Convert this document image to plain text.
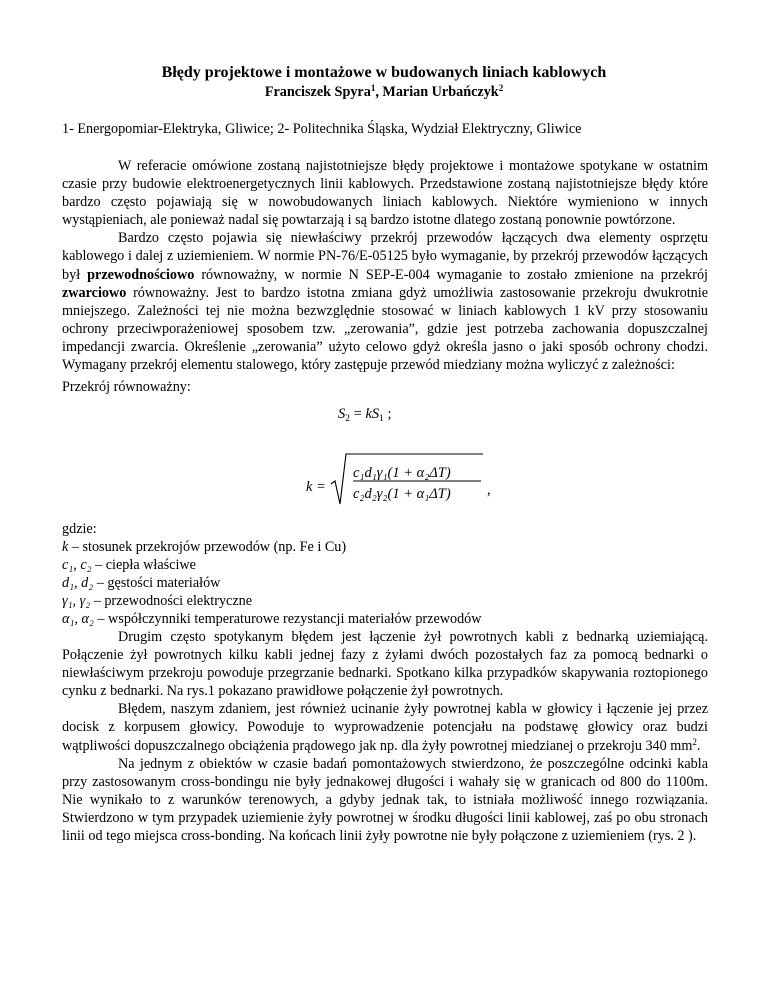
Błędy projektowe i montażowe w budowanych liniach kablowych
Franciszek Spyra$^1$, Marian Urbańczyk$^2$
1- Energopomiar-Elektryka, Gliwice; 2- Politechnika Śląska, Wydział Elektryczny, Gliwice

W referacie omówione zostaną najistotniejsze błędy projektowe i montażowe spotykane w ostatnim czasie przy budowie elektroenergetycznych linii kablowych. Przedstawione zostaną najistotniejsze błędy które bardzo często pojawiają się w nowobudowanych liniach kablowych. Niektóre wymieniono w innych wystąpieniach, ale ponieważ nadal się powtarzają i są bardzo istotne dlatego zostaną ponownie powtórzone.

Bardzo często pojawia się niewłaściwy przekrój przewodów łączących dwa elementy osprzętu kablowego i dalej z uziemieniem. W normie PN-76/E-05125 było wymaganie, by przekrój przewodów łączących był przewodnościowo równoważny, w normie N SEP-E-004 wymaganie to zostało zmienione na przekrój zwarciowo równoważny. Jest to bardzo istotna zmiana gdyż umożliwia zastosowanie przekroju dwukrotnie mniejszego. Zależności tej nie można bezwzględnie stosować w liniach kablowych 1 kV przy stosowaniu ochrony przeciwporażeniowej sposobem tzw. „zerowania”, gdzie jest potrzeba zachowania dopuszczalnej impedancji zwarcia. Określenie „zerowania” użyto celowo gdyż określa jasno o jaki sposób ochrony chodzi. Wymagany przekrój elementu stalowego, który zastępuje przewód miedziany można wyliczyć z zależności:

Przekrój równoważny:
$S_2 = kS_1$ ;
k =
c₁d₁γ₁(1 + α₂ΔT)
c₂d₂γ₂(1 + α₁ΔT)	,
gdzie:
k – stosunek przekrojów przewodów (np. Fe i Cu)
c₁, c₂ – ciepła właściwe
d₁, d₂ – gęstości materiałów
γ₁, γ₂ – przewodności elektryczne
α₁, α₂ – współczynniki temperaturowe rezystancji materiałów przewodów

Drugim często spotykanym błędem jest łączenie żył powrotnych kabli z bednarką uziemiającą. Połączenie żył powrotnych kilku kabli jednej fazy z żyłami dwóch pozostałych faz za pomocą bednarki o niewłaściwym przekroju powoduje przegrzanie bednarki. Spotkano kilka przypadków skapywania roztopionego cynku z bednarki. Na rys.1 pokazano prawidłowe połączenie żył powrotnych.

Błędem, naszym zdaniem, jest również ucinanie żyły powrotnej kabla w głowicy i łączenie jej przez docisk z korpusem głowicy. Powoduje to wyprowadzenie potencjału na podstawę głowicy oraz budzi wątpliwości dopuszczalnego obciążenia prądowego jak np. dla żyły powrotnej miedzianej o przekroju 340 $mm^2$.

Na jednym z obiektów w czasie badań pomontażowych stwierdzono, że poszczególne odcinki kabla przy zastosowanym cross-bondingu nie były jednakowej długości i wahały się w granicach od 800 do 1100m. Nie wynikało to z warunków terenowych, a gdyby jednak tak, to istniała możliwość innego rozwiązania. Stwierdzono w tym przypadek uziemienie żyły powrotnej w środku długości linii kablowej, zaś po obu stronach linii od tego miejsca cross-bonding. Na końcach linii żyły powrotne nie były połączone z uziemieniem (rys. 2 ).
